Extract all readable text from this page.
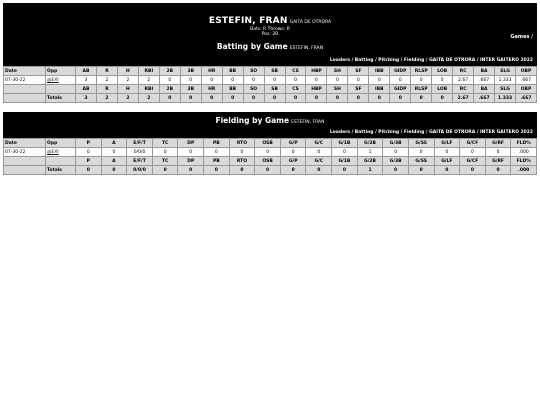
ESTEFIN, FRAN GAITA DE OTRORA
Bats: R Throws: R
Pos: 2B	Games /
Batting by Game ESTEFIN, FRAN
Leaders / Batting / Pitching / Fielding / GAITA DE OTRORA / INTER GAITERO 2022
Date	Opp	AB	R	H	RBI	2B	3B	HR	BB	SO	SB	CS	HBP	SH	SF	IBB	GIDP	RLSP	LOB	RC	BA	SLG	OBP
07-30-22	@EXI	3	2	2	2	0	0	0	0	0	0	0	0	0	0	0	0	0	0	2.67	.667	1.333	.667
		AB	R	H	RBI	2B	3B	HR	BB	SO	SB	CS	HBP	SH	SF	IBB	GIDP	RLSP	LOB	RC	BA	SLG	OBP
	Totals	3	2	2	2	0	0	0	0	0	0	0	0	0	0	0	0	0	0	2.67	.667	1.333	.667
Fielding by Game ESTEFIN, FRAN
Leaders / Batting / Pitching / Fielding / GAITA DE OTRORA / INTER GAITERO 2022
Date	Opp	P	A	E/F/T	TC	DP	PB	RTO	OSB	G/P	G/C	G/1B	G/2B	G/3B	G/SS	G/LF	G/CF	G/RF	FLD%
07-30-22	@EXI	0	0	0/0/0	0	0	0	0	0	0	0	0	1	0	0	0	0	0	.000
		P	A	E/F/T	TC	DP	PB	RTO	OSB	G/P	G/C	G/1B	G/2B	G/3B	G/SS	G/LF	G/CF	G/RF	FLD%
	Totals	0	0	0/0/0	0	0	0	0	0	0	0	0	1	0	0	0	0	0	.000
